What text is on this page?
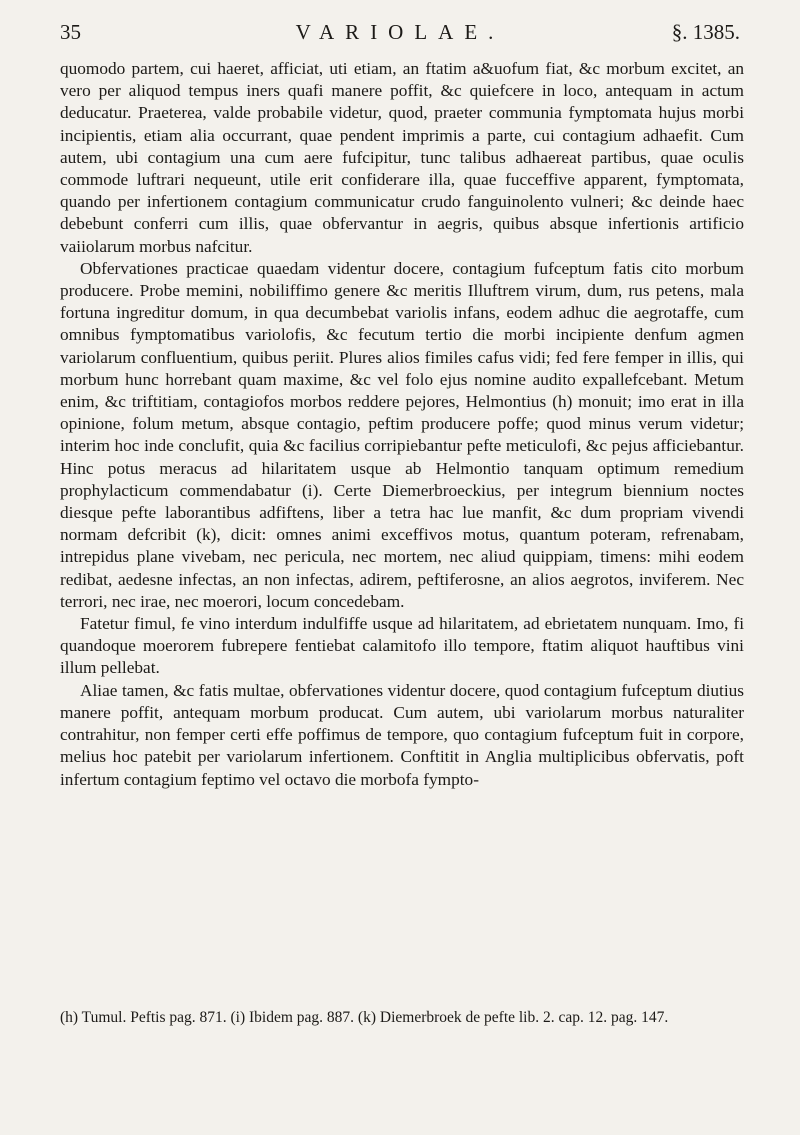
35	VARIOLAE.	§. 1385.

quomodo partem, cui haeret, afficiat, uti etiam, an ftatim a&uofum fiat, &c morbum excitet, an vero per aliquod tempus iners quafi manere poffit, &c quiefcere in loco, antequam in actum deducatur. Praeterea, valde probabile videtur, quod, praeter communia fymptomata hujus morbi incipientis, etiam alia occurrant, quae pendent imprimis a parte, cui contagium adhaefit. Cum autem, ubi contagium una cum aere fufcipitur, tunc talibus adhaereat partibus, quae oculis commode luftrari nequeunt, utile erit confiderare illa, quae fucceffive apparent, fymptomata, quando per infertionem contagium communicatur crudo fanguinolento vulneri; &c deinde haec debebunt conferri cum illis, quae obfervantur in aegris, quibus absque infertionis artificio vaiiolarum morbus nafcitur.

Obfervationes practicae quaedam videntur docere, contagium fufceptum fatis cito morbum producere. Probe memini, nobiliffimo genere &c meritis Illuftrem virum, dum, rus petens, mala fortuna ingreditur domum, in qua decumbebat variolis infans, eodem adhuc die aegrotaffe, cum omnibus fymptomatibus variolofis, &c fecutum tertio die morbi incipiente denfum agmen variolarum confluentium, quibus periit. Plures alios fimiles cafus vidi; fed fere femper in illis, qui morbum hunc horrebant quam maxime, &c vel folo ejus nomine audito expallefcebant. Metum enim, &c triftitiam, contagiofos morbos reddere pejores, Helmontius (h) monuit; imo erat in illa opinione, folum metum, absque contagio, peftim producere poffe; quod minus verum videtur; interim hoc inde conclufit, quia &c facilius corripiebantur pefte meticulofi, &c pejus afficiebantur. Hinc potus meracus ad hilaritatem usque ab Helmontio tanquam optimum remedium prophylacticum commendabatur (i). Certe Diemerbroeckius, per integrum biennium noctes diesque pefte laborantibus adfiftens, liber a tetra hac lue manfit, &c dum propriam vivendi normam defcribit (k), dicit: omnes animi exceffivos motus, quantum poteram, refrenabam, intrepidus plane vivebam, nec pericula, nec mortem, nec aliud quippiam, timens: mihi eodem redibat, aedesne infectas, an non infectas, adirem, peftiferosne, an alios aegrotos, inviferem. Nec terrori, nec irae, nec moerori, locum concedebam.

Fatetur fimul, fe vino interdum indulfiffe usque ad hilaritatem, ad ebrietatem nunquam. Imo, fi quandoque moerorem fubrepere fentiebat calamitofo illo tempore, ftatim aliquot hauftibus vini illum pellebat.

Aliae tamen, &c fatis multae, obfervationes videntur docere, quod contagium fufceptum diutius manere poffit, antequam morbum producat. Cum autem, ubi variolarum morbus naturaliter contrahitur, non femper certi effe poffimus de tempore, quo contagium fufceptum fuit in corpore, melius hoc patebit per variolarum infertionem. Conftitit in Anglia multiplicibus obfervatis, poft infertum contagium feptimo vel octavo die morbofa fympto-

(h) Tumul. Peftis pag. 871. (i) Ibidem pag. 887. (k) Diemerbroek de pefte lib. 2. cap. 12. pag. 147.
